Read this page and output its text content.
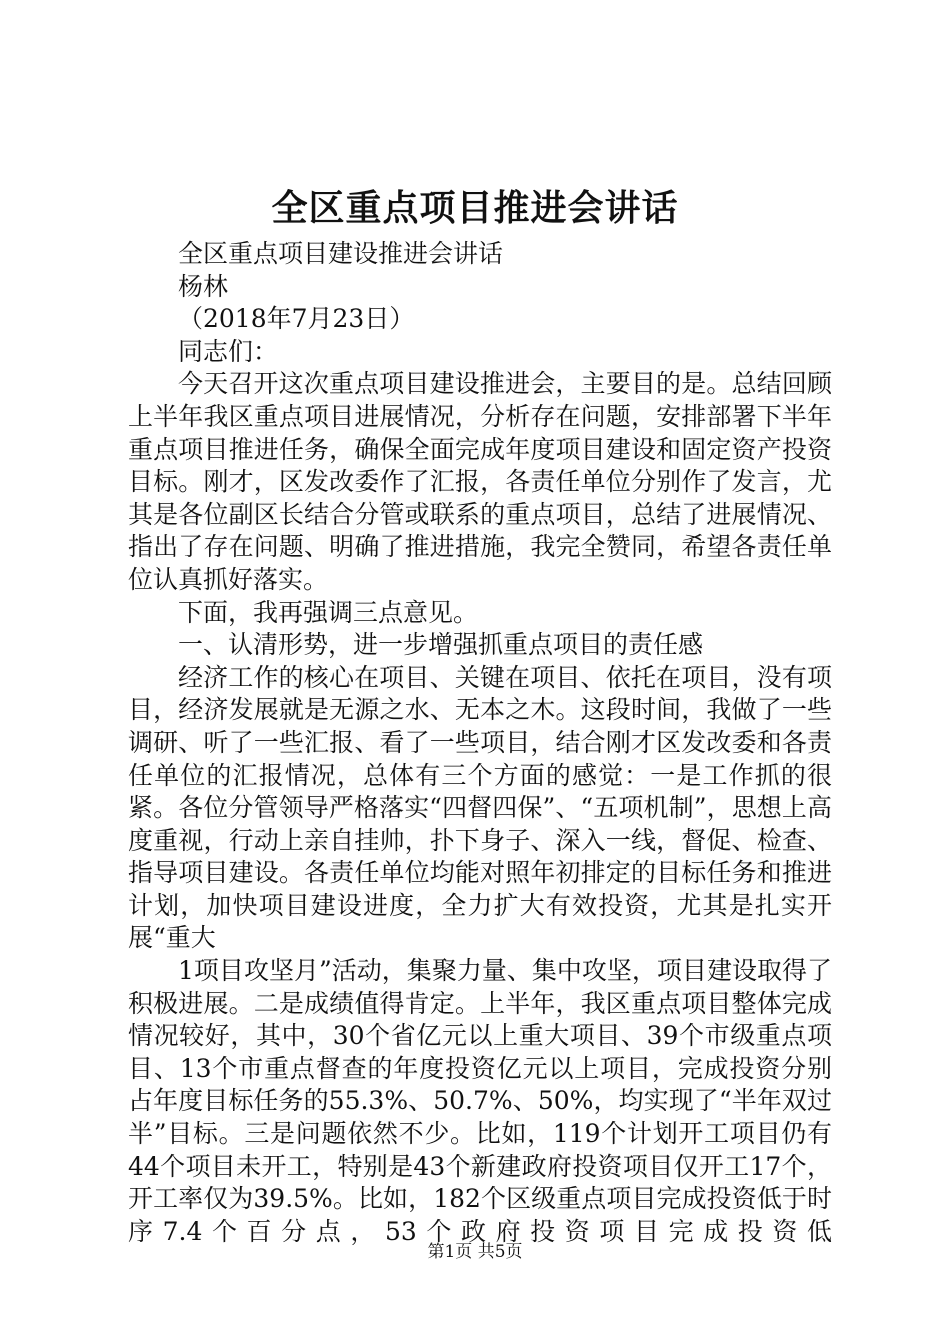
全区重点项目推进会讲话

全区重点项目建设推进会讲话

杨林

（2018年7月23日）

同志们：

今天召开这次重点项目建设推进会，主要目的是。总结回顾上半年我区重点项目进展情况，分析存在问题，安排部署下半年重点项目推进任务，确保全面完成年度项目建设和固定资产投资目标。刚才，区发改委作了汇报，各责任单位分别作了发言，尤其是各位副区长结合分管或联系的重点项目，总结了进展情况、指出了存在问题、明确了推进措施，我完全赞同，希望各责任单位认真抓好落实。

下面，我再强调三点意见。

一、认清形势，进一步增强抓重点项目的责任感

经济工作的核心在项目、关键在项目、依托在项目，没有项目，经济发展就是无源之水、无本之木。这段时间，我做了一些调研、听了一些汇报、看了一些项目，结合刚才区发改委和各责任单位的汇报情况，总体有三个方面的感觉：一是工作抓的很紧。各位分管领导严格落实“四督四保”、“五项机制”，思想上高度重视，行动上亲自挂帅，扑下身子、深入一线，督促、检查、指导项目建设。各责任单位均能对照年初排定的目标任务和推进计划，加快项目建设进度，全力扩大有效投资，尤其是扎实开展“重大

1项目攻坚月”活动，集聚力量、集中攻坚，项目建设取得了积极进展。二是成绩值得肯定。上半年，我区重点项目整体完成情况较好，其中，30个省亿元以上重大项目、39个市级重点项目、13个市重点督查的年度投资亿元以上项目，完成投资分别占年度目标任务的55.3%、50.7%、50%，均实现了“半年双过半”目标。三是问题依然不少。比如，119个计划开工项目仍有44个项目未开工，特别是43个新建政府投资项目仅开工17个，开工率仅为39.5%。比如，182个区级重点项目完成投资低于时序7.4个百分点，53个政府投资项目完成投资低

第1页 共5页
